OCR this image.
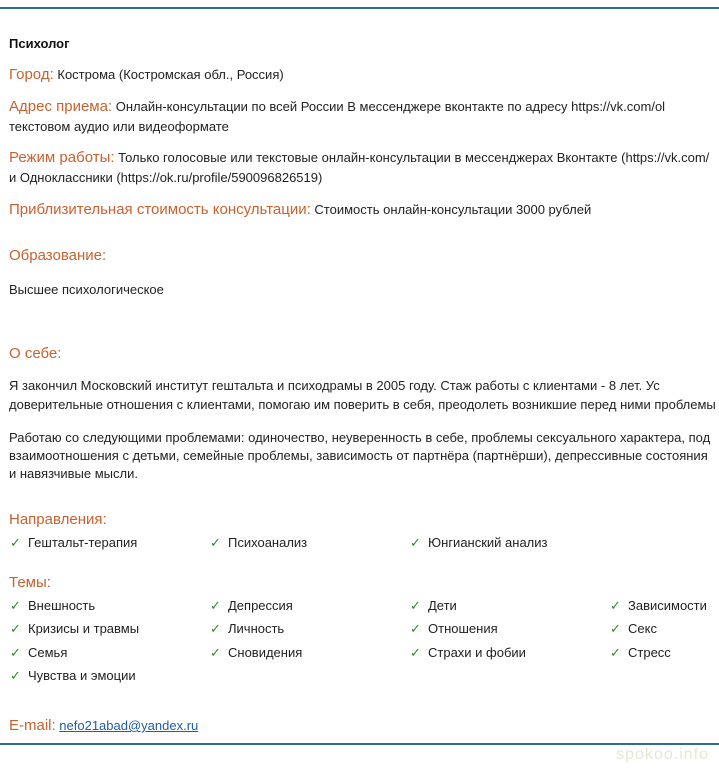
Психолог
Город: Кострома (Костромская обл., Россия)
Адрес приема: Онлайн-консультации по всей России В мессенджере вконтакте по адресу https://vk.com/ol
текстовом аудио или видеоформате
Режим работы: Только голосовые или текстовые онлайн-консультации в мессенджерах Вконтакте (https://vk.com/
и Одноклассники (https://ok.ru/profile/590096826519)
Приблизительная стоимость консультации: Стоимость онлайн-консультации 3000 рублей
Образование:
Высшее психологическое
О себе:
Я закончил Московский институт гештальта и психодрамы в 2005 году. Стаж работы с клиентами - 8 лет. Ус
доверительные отношения с клиентами, помогаю им поверить в себя, преодолеть возникшие перед ними проблемы
Работаю со следующими проблемами: одиночество, неуверенность в себе, проблемы сексуального характера, под
взаимоотношения с детьми, семейные проблемы, зависимость от партнёра (партнёрши), депрессивные состояния
и навязчивые мысли.
Направления:
✓ Гештальт-терапия	✓ Психоанализ	✓ Юнгианский анализ
Темы:
✓ Внешность	✓ Депрессия	✓ Дети	✓ Зависимости
✓ Кризисы и травмы	✓ Личность	✓ Отношения	✓ Секс
✓ Семья	✓ Сновидения	✓ Страхи и фобии	✓ Стресс
✓ Чувства и эмоции
E-mail: nefo21abad@yandex.ru
spokoo.info
